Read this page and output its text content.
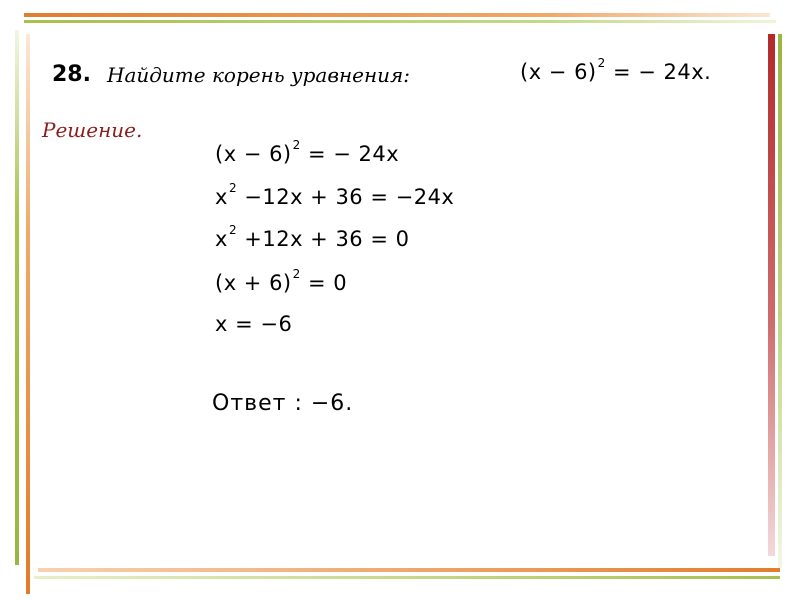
28. Найдите корень уравнения:	$(x - 6)^2$ = − 24x.
Решение.
$(x - 6)^2$ = − 24x
$x^2 -12x + 36 = -24x$
$x^2 +12x + 36 = 0$
$(x + 6)^2 = 0$
x = −6
Ответ : −6.
